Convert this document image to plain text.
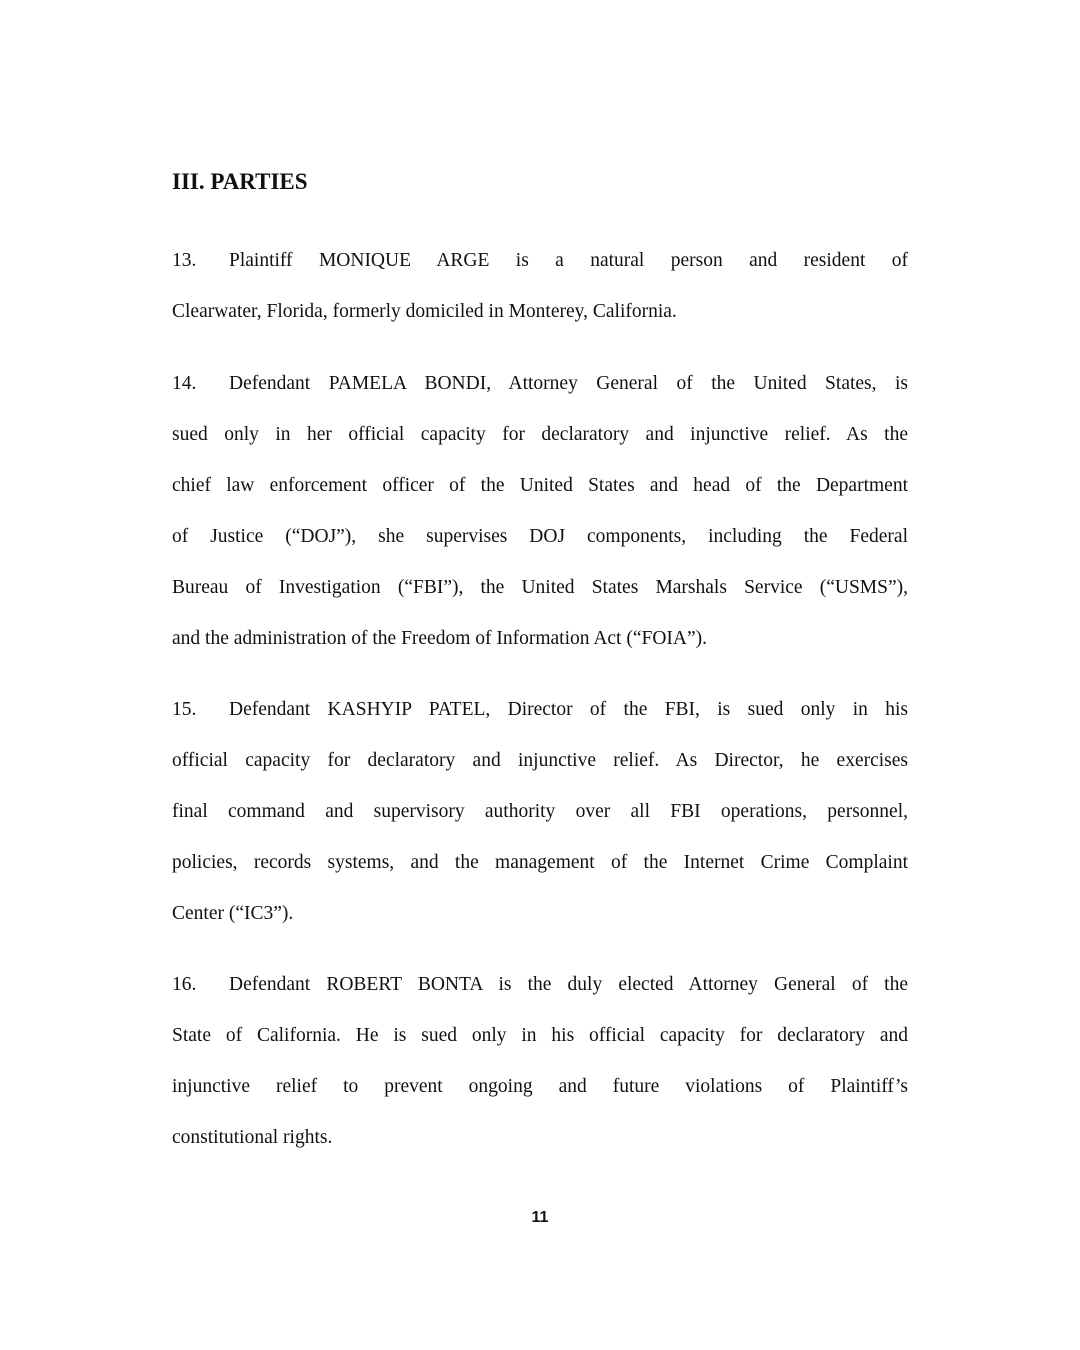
III. PARTIES
13.	Plaintiff MONIQUE ARGE is a natural person and resident of
Clearwater, Florida, formerly domiciled in Monterey, California.
14.	Defendant PAMELA BONDI, Attorney General of the United States, is
sued only in her official capacity for declaratory and injunctive relief. As the
chief law enforcement officer of the United States and head of the Department
of Justice (“DOJ”), she supervises DOJ components, including the Federal
Bureau of Investigation (“FBI”), the United States Marshals Service (“USMS”),
and the administration of the Freedom of Information Act (“FOIA”).
15.	Defendant KASHYIP PATEL, Director of the FBI, is sued only in his
official capacity for declaratory and injunctive relief. As Director, he exercises
final command and supervisory authority over all FBI operations, personnel,
policies, records systems, and the management of the Internet Crime Complaint
Center (“IC3”).
16.	Defendant ROBERT BONTA is the duly elected Attorney General of the
State of California. He is sued only in his official capacity for declaratory and
injunctive relief to prevent ongoing and future violations of Plaintiff’s
constitutional rights.
11
